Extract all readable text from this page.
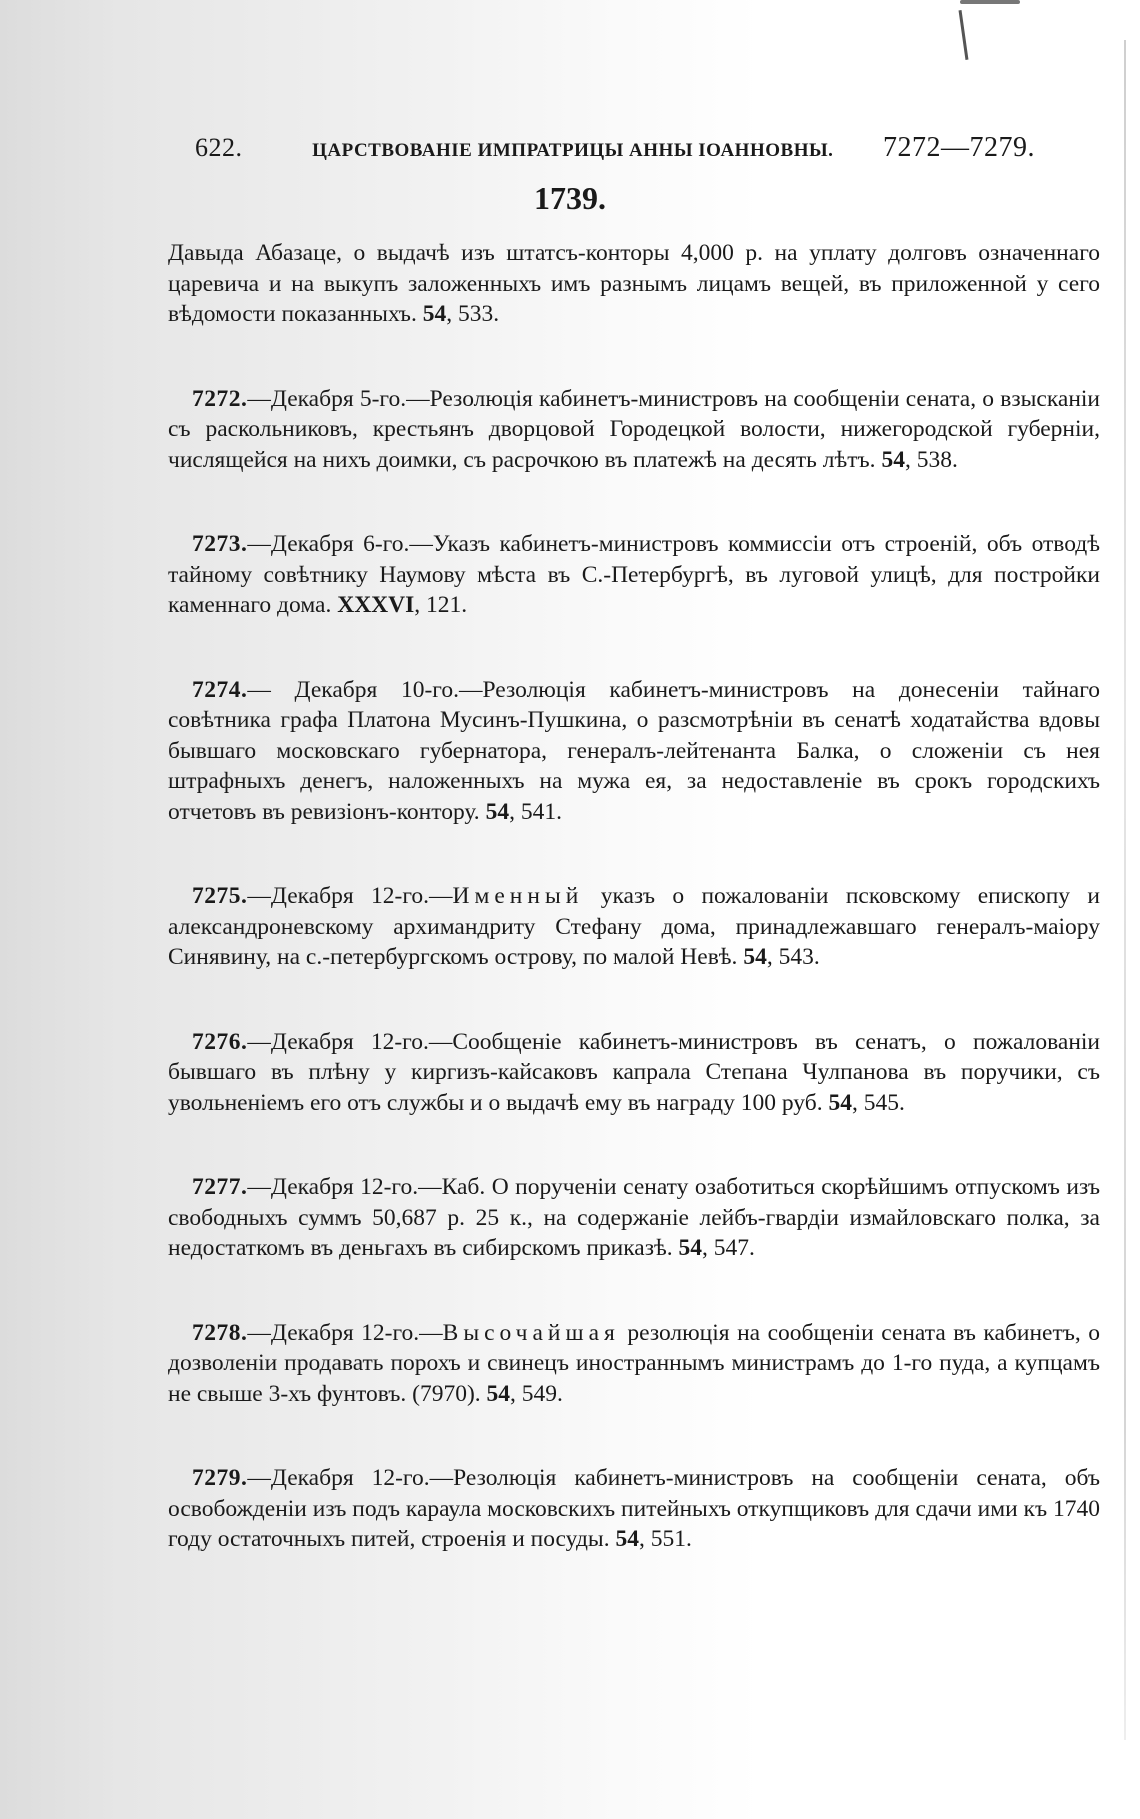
622.	ЦАРСТВОВАНІЕ ИМПРАТРИЦЫ АННЫ ІОАННОВНЫ. 7272—7279.
1739.

Давыда Абазаце, о выдачѣ изъ штатсъ-конторы 4,000 р. на уплату долговъ означеннаго царевича и на выкупъ заложенныхъ имъ разнымъ лицамъ вещей, въ приложенной у сего вѣдомости показанныхъ. 54, 533.

7272.—Декабря 5-го.—Резолюція кабинетъ-министровъ на сообщеніи сената, о взысканіи съ раскольниковъ, крестьянъ дворцовой Городецкой волости, нижегородской губерніи, числящейся на нихъ доимки, съ расрочкою въ платежѣ на десять лѣтъ. 54, 538.

7273.—Декабря 6-го.—Указъ кабинетъ-министровъ коммиссіи отъ строеній, объ отводѣ тайному совѣтнику Наумову мѣста въ С.-Петербургѣ, въ луговой улицѣ, для постройки каменнаго дома. XXXVI, 121.

7274.— Декабря 10-го.—Резолюція кабинетъ-министровъ на донесеніи тайнаго совѣтника графа Платона Мусинъ-Пушкина, о разсмотрѣніи въ сенатѣ ходатайства вдовы бывшаго московскаго губернатора, генералъ-лейтенанта Балка, о сложеніи съ нея штрафныхъ денегъ, наложенныхъ на мужа ея, за недоставленіе въ срокъ городскихъ отчетовъ въ ревизіонъ-контору. 54, 541.

7275.—Декабря 12-го.—Именный указъ о пожалованіи псковскому епископу и александроневскому архимандриту Стефану дома, принадлежавшаго генералъ-маіору Синявину, на с.-петербургскомъ острову, по малой Невѣ. 54, 543.

7276.—Декабря 12-го.—Сообщеніе кабинетъ-министровъ въ сенатъ, о пожалованіи бывшаго въ плѣну у киргизъ-кайсаковъ капрала Степана Чулпанова въ поручики, съ увольненіемъ его отъ службы и о выдачѣ ему въ награду 100 руб. 54, 545.

7277.—Декабря 12-го.—Каб. О порученіи сенату озаботиться скорѣйшимъ отпускомъ изъ свободныхъ суммъ 50,687 р. 25 к., на содержаніе лейбъ-гвардіи измайловскаго полка, за недостаткомъ въ деньгахъ въ сибирскомъ приказѣ. 54, 547.

7278.—Декабря 12-го.—Высочайшая резолюція на сообщеніи сената въ кабинетъ, о дозволеніи продавать порохъ и свинецъ иностраннымъ министрамъ до 1-го пуда, а купцамъ не свыше 3-хъ фунтовъ. (7970). 54, 549.

7279.—Декабря 12-го.—Резолюція кабинетъ-министровъ на сообщеніи сената, объ освобожденіи изъ подъ караула московскихъ питейныхъ откупщиковъ для сдачи ими къ 1740 году остаточныхъ питей, строенія и посуды. 54, 551.
